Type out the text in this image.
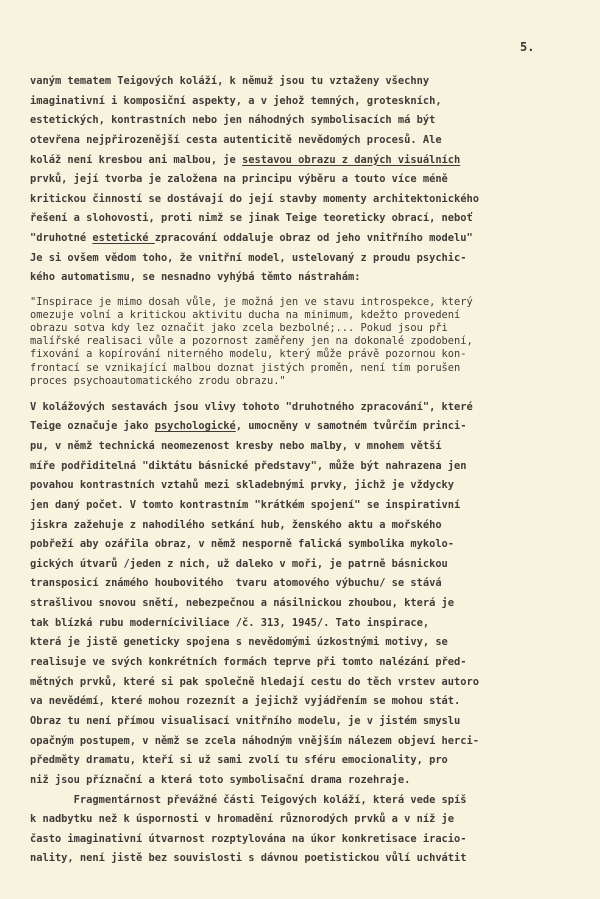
5.
vaným tematem Teigových koláží, k němuž jsou tu vztaženy všechny
imaginativní i komposiční aspekty, a v jehož temných, groteskních,
estetických, kontrastních nebo jen náhodných symbolisacích má být
otevřena nejpřirozenější cesta autenticitě nevědomých procesů. Ale
koláž není kresbou ani malbou, je sestavou obrazu z daných visuálních
prvků, její tvorba je založena na principu výběru a touto více méně
kritickou činností se dostávají do její stavby momenty architektonického
řešení a slohovosti, proti nimž se jinak Teige teoreticky obrací, neboť
"druhotné estetické zpracování oddaluje obraz od jeho vnitřního modelu"
Je si ovšem vědom toho, že vnitřní model, ustelovaný z proudu psychic-
kého automatismu, se nesnadno vyhýbá těmto nástrahám:
"Inspirace je mimo dosah vůle, je možná jen ve stavu introspekce, který
omezuje volní a kritickou aktivitu ducha na minimum, kdežto provedení
obrazu sotva kdy lez označit jako zcela bezbolné;... Pokud jsou při
malířské realisaci vůle a pozornost zaměřeny jen na dokonalé zpodobení,
fixování a kopírování niterného modelu, který může právě pozornou kon-
frontací se vznikající malbou doznat jistých proměn, není tím porušen
proces psychoautomatického zrodu obrazu."
V kolážových sestavách jsou vlivy tohoto "druhotného zpracování", které
Teige označuje jako psychologické, umocněny v samotném tvůrčím princi-
pu, v němž technická neomezenost kresby nebo malby, v mnohem větší
míře podřiditelná "diktátu básnické představy", může být nahrazena jen
povahou kontrastních vztahů mezi skladebnými prvky, jichž je vždycky
jen daný počet. V tomto kontrastním "krátkém spojení" se inspirativní
jiskra zažehuje z nahodilého setkání hub, ženského aktu a mořského
pobřeží aby ozářila obraz, v němž nesporně falická symbolika mykolo-
gických útvarů /jeden z nich, už daleko v moři, je patrně básnickou
transposicí známého houbovitého  tvaru atomového výbuchu/ se stává
strašlivou snovou snětí, nebezpečnou a násilnickou zhoubou, která je
tak blízká rubu moderníciviliace /č. 313, 1945/. Tato inspirace,
která je jistě geneticky spojena s nevědomými úzkostnými motivy, se
realisuje ve svých konkrétních formách teprve při tomto nalézání před-
mětných prvků, které si pak společně hledají cestu do těch vrstev autoro
va nevědémí, které mohou rozeznít a jejichž vyjádřením se mohou stát.
Obraz tu není přímou visualisací vnitřního modelu, je v jistém smyslu
opačným postupem, v němž se zcela náhodným vnějším nálezem objeví herci-
předměty dramatu, kteří si už sami zvolí tu sféru emocionality, pro
niž jsou příznační a která toto symbolisační drama rozehraje.
Fragmentárnost převážné části Teigových koláží, která vede spíš
k nadbytku než k úspornosti v hromadění různorodých prvků a v níž je
často imaginativní útvarnost rozptylována na úkor konkretisace iracio-
nality, není jistě bez souvislosti s dávnou poetistickou vůlí uchvátit
